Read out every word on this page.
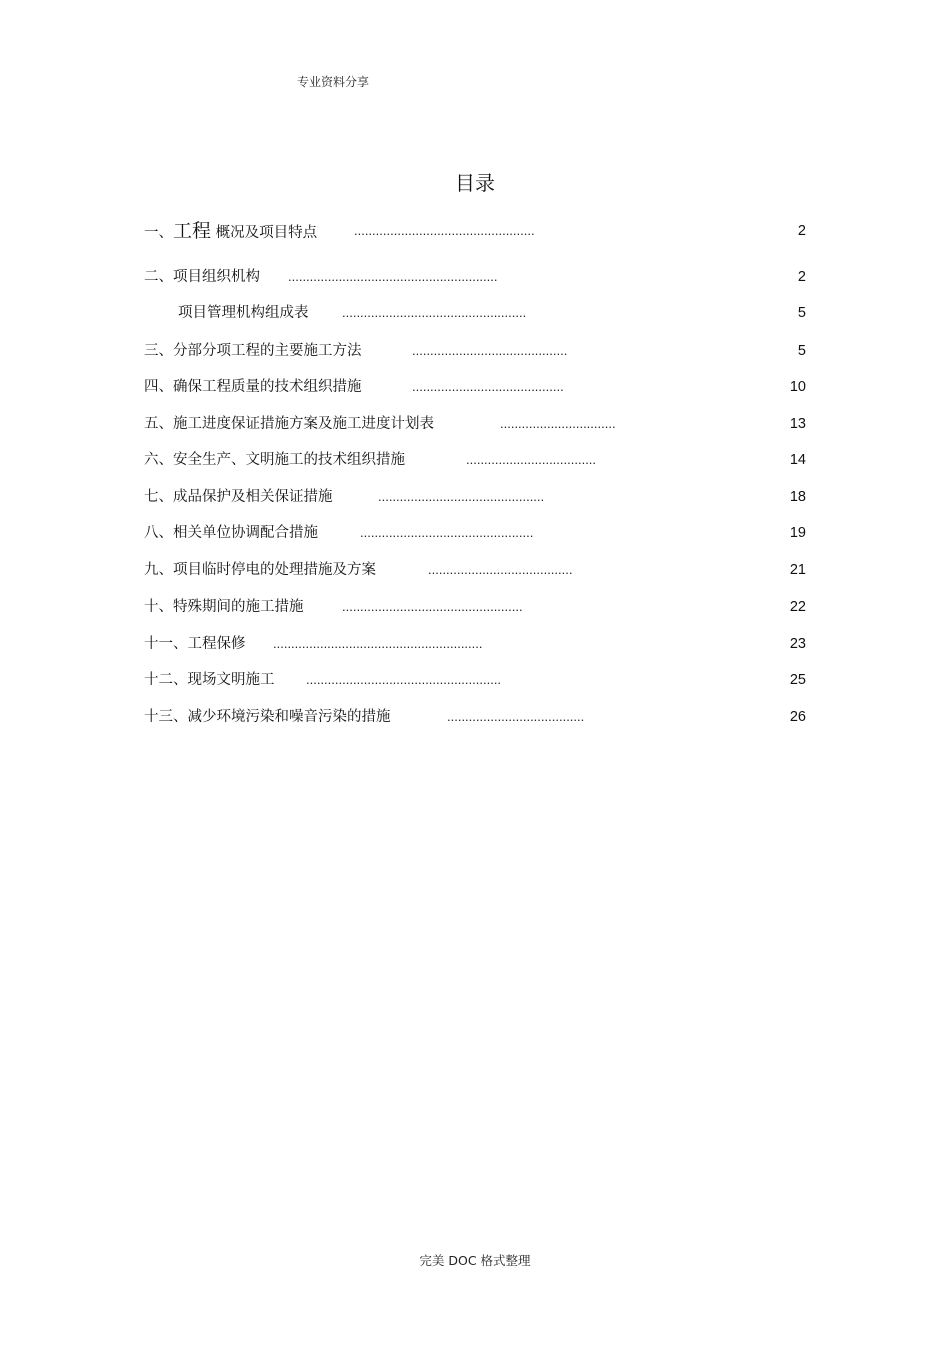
专业资料分享
目录
一、工程 概况及项目特点	..................................................	2
二、项目组织机构 ..........................................................	2
项目管理机构组成表	...................................................	5
三、分部分项工程的主要施工方法	...........................................	5
四、确保工程质量的技术组织措施	..........................................	10
五、施工进度保证措施方案及施工进度计划表	................................	13
六、安全生产、文明施工的技术组织措施	....................................	14
七、成品保护及相关保证措施	..............................................	18
八、相关单位协调配合措施	................................................	19
九、项目临时停电的处理措施及方案	........................................	21
十、特殊期间的施工措施	..................................................	22
十一、工程保修 ..........................................................	23
十二、现场文明施工 ......................................................	25
十三、减少环境污染和噪音污染的措施	......................................	26
完美 DOC 格式整理
